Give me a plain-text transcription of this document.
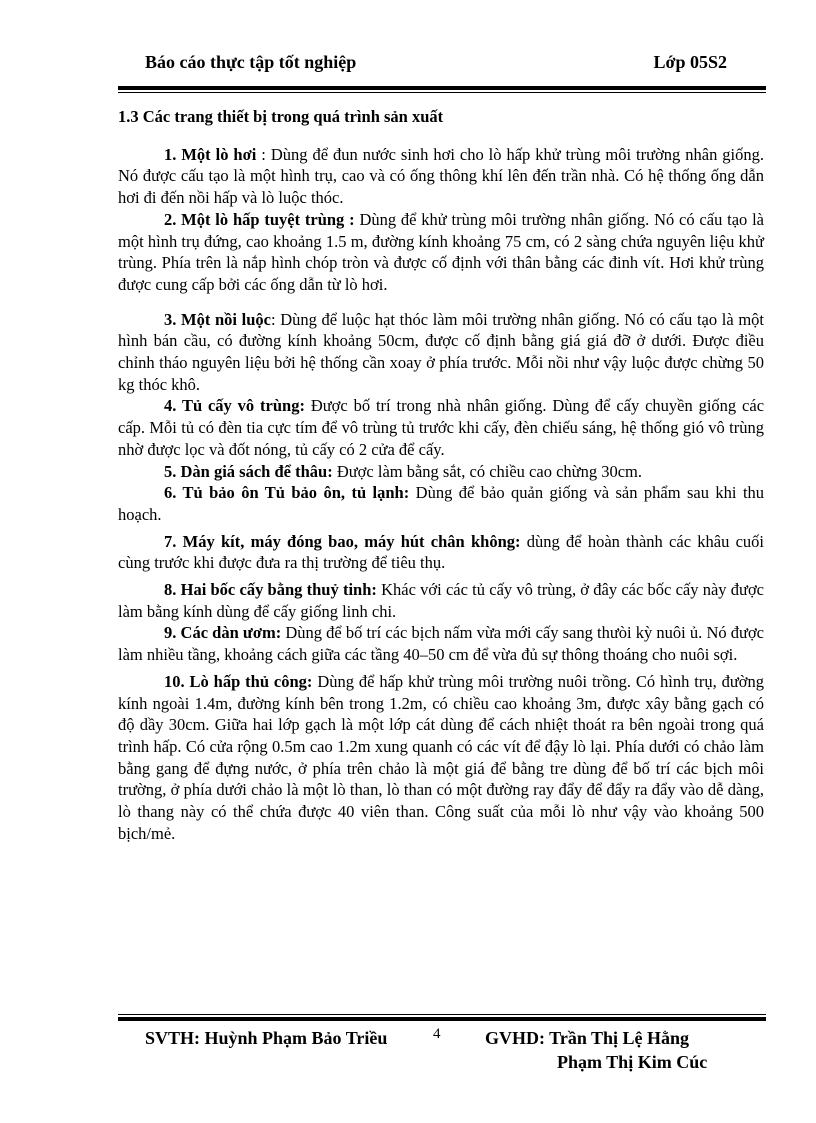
Báo cáo thực tập tốt nghiệp	Lớp 05S2
1.3 Các trang thiết bị trong quá trình sản xuất

1. Một lò hơi : Dùng để đun nước sinh hơi cho lò hấp khử trùng môi trường nhân giống. Nó được cấu tạo là một hình trụ, cao và có ống thông khí lên đến trần nhà. Có hệ thống ống dẫn hơi đi đến nồi hấp và lò luộc thóc.

2. Một lò hấp tuyệt trùng : Dùng để khử trùng môi trường nhân giống. Nó có cấu tạo là một hình trụ đứng, cao khoảng 1.5 m, đường kính khoảng 75 cm, có 2 sàng chứa nguyên liệu khử trùng. Phía trên là nắp hình chóp tròn và được cố định với thân bằng các đinh vít. Hơi khử trùng được cung cấp bởi các ống dẫn từ lò hơi.

3. Một nồi luộc: Dùng để luộc hạt thóc làm môi trường nhân giống. Nó có cấu tạo là một hình bán cầu, có đường kính khoảng 50cm, được cố định bằng giá giá đỡ ở dưới. Được điều chỉnh tháo nguyên liệu bởi hệ thống cần xoay ở phía trước. Mỗi nồi như vậy luộc được chừng 50 kg thóc khô.

4. Tủ cấy vô trùng: Được bố trí trong nhà nhân giống. Dùng để cấy chuyền giống các cấp. Mỗi tủ có đèn tia cực tím để vô trùng tủ trước khi cấy, đèn chiếu sáng, hệ thống gió vô trùng nhờ được lọc và đốt nóng, tủ cấy có 2 cửa để cấy.

5. Dàn giá sách để thâu: Được làm bằng sắt, có chiều cao chừng 30cm.

6. Tủ bảo ôn Tủ bảo ôn, tủ lạnh: Dùng để bảo quản giống và sản phẩm sau khi thu hoạch.

7. Máy kít, máy đóng bao, máy hút chân không: dùng để hoàn thành các khâu cuối cùng trước khi được đưa ra thị trường để tiêu thụ.

8. Hai bốc cấy bằng thuỷ tinh: Khác với các tủ cấy vô trùng, ở đây các bốc cấy này được làm bằng kính dùng để cấy giống linh chi.

9. Các dàn ươm: Dùng để bố trí các bịch nấm vừa mới cấy sang thưòi kỳ nuôi ủ. Nó được làm nhiều tầng, khoảng cách giữa các tầng 40–50 cm để vừa đủ sự thông thoáng cho nuôi sợi.

10. Lò hấp thủ công: Dùng để hấp khử trùng môi trường nuôi trồng. Có hình trụ, đường kính ngoài 1.4m, đường kính bên trong 1.2m, có chiều cao khoảng 3m, được xây bằng gạch có độ dầy 30cm. Giữa hai lớp gạch là một lớp cát dùng để cách nhiệt thoát ra bên ngoài trong quá trình hấp. Có cửa rộng 0.5m cao 1.2m xung quanh có các vít để đậy lò lại. Phía dưới có chảo làm bằng gang để đựng nước, ở phía trên chảo là một giá để bằng tre dùng để bố trí các bịch môi trường, ở phía dưới chảo là một lò than, lò than có một đường ray đẩy để đẩy ra đẩy vào dễ dàng, lò thang này có thể chứa được 40 viên than. Công suất của mỗi lò như vậy vào khoảng 500 bịch/mẻ.

SVTH: Huỳnh Phạm Bảo Triều	4 GVHD: Trần Thị Lệ Hằng
Phạm Thị Kim Cúc
